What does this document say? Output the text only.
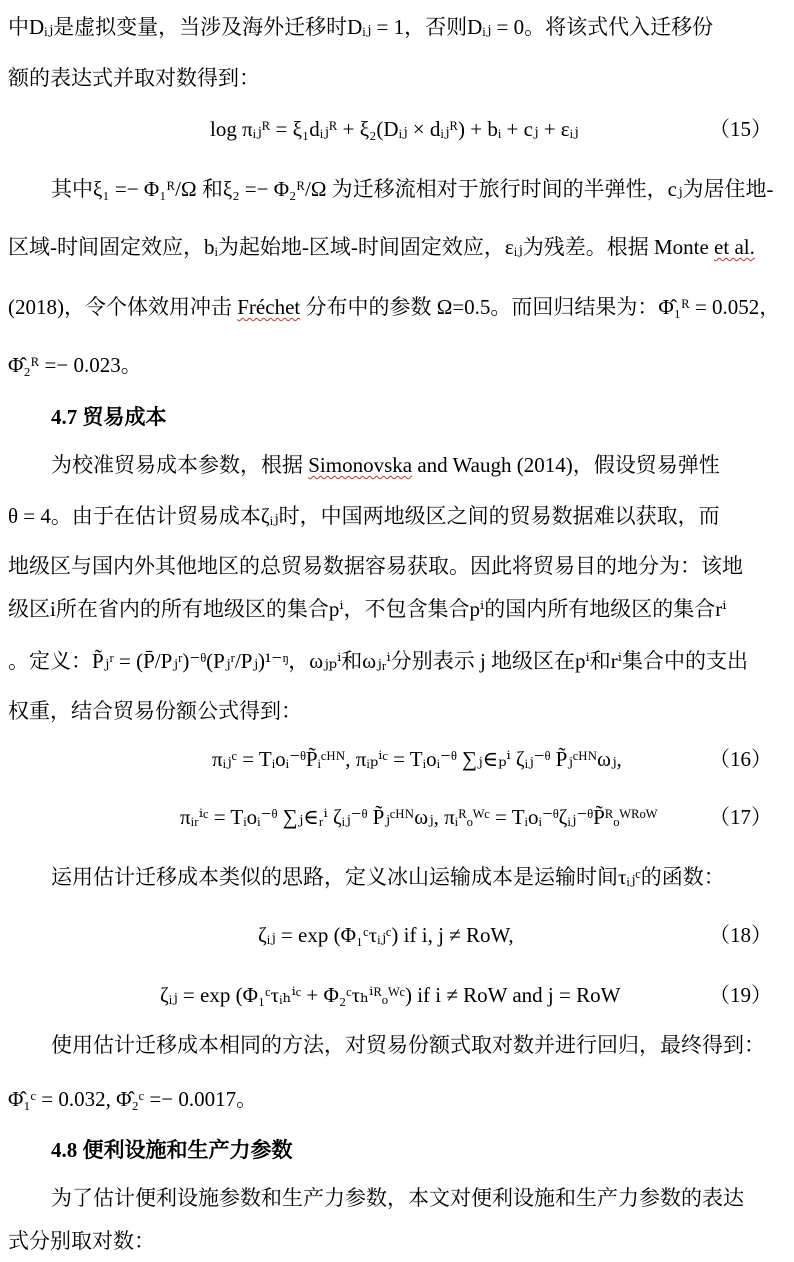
中Dᵢⱼ是虚拟变量，当涉及海外迁移时Dᵢⱼ = 1，否则Dᵢⱼ = 0。将该式代入迁移份
额的表达式并取对数得到：
log πᵢⱼᴿ = ξ₁dᵢⱼᴿ + ξ₂(Dᵢⱼ × dᵢⱼᴿ) + bᵢ + cⱼ + εᵢⱼ	（15）
其中ξ₁ =− Φ₁ᴿ/Ω 和ξ₂ =− Φ₂ᴿ/Ω 为迁移流相对于旅行时间的半弹性，cⱼ为居住地-
区域-时间固定效应，bᵢ为起始地-区域-时间固定效应，εᵢⱼ为残差。根据 Monte et al.
(2018)，令个体效用冲击 Fréchet 分布中的参数 Ω=0.5。而回归结果为：Φ̂₁ᴿ = 0.052，
Φ̂₂ᴿ =− 0.023。
4.7 贸易成本
为校准贸易成本参数，根据 Simonovska and Waugh (2014)，假设贸易弹性
θ = 4。由于在估计贸易成本ζᵢⱼ时，中国两地级区之间的贸易数据难以获取，而
地级区与国内外其他地区的总贸易数据容易获取。因此将贸易目的地分为：该地
级区i所在省内的所有地级区的集合pⁱ，不包含集合pⁱ的国内所有地级区的集合rⁱ
。定义：P̃ⱼʳ = (P̄/Pⱼʳ)⁻ᶿ(Pⱼʳ/Pⱼ)¹⁻ᵑ，ωⱼₚⁱ和ωⱼᵣⁱ分别表示 j 地级区在pⁱ和rⁱ集合中的支出
权重，结合贸易份额公式得到：
πᵢⱼᶜ = Tᵢoᵢ⁻ᶿP̃ᵢᶜᴴᴺ, πᵢₚⁱᶜ = Tᵢoᵢ⁻ᶿ ∑ⱼ∈ₚⁱ ζᵢⱼ⁻ᶿ P̃ⱼᶜᴴᴺωⱼ,	（16）
πᵢᵣⁱᶜ = Tᵢoᵢ⁻ᶿ ∑ⱼ∈ᵣⁱ ζᵢⱼ⁻ᶿ P̃ⱼᶜᴴᴺωⱼ, πᵢᴿₒᵂᶜ = Tᵢoᵢ⁻ᶿζᵢⱼ⁻ᶿP̃ᴿₒᵂᴿᵒᵂ （17）
运用估计迁移成本类似的思路，定义冰山运输成本是运输时间τᵢⱼᶜ的函数：
ζᵢⱼ = exp (Φ₁ᶜτᵢⱼᶜ) if i, j ≠ RoW,	（18）
ζᵢⱼ = exp (Φ₁ᶜτᵢₕⁱᶜ + Φ₂ᶜτₕⁱᴿₒᵂᶜ) if i ≠ RoW and j = RoW	（19）
使用估计迁移成本相同的方法，对贸易份额式取对数并进行回归，最终得到：
Φ̂₁ᶜ = 0.032, Φ̂₂ᶜ =− 0.0017。
4.8 便利设施和生产力参数
为了估计便利设施参数和生产力参数，本文对便利设施和生产力参数的表达
式分别取对数：
